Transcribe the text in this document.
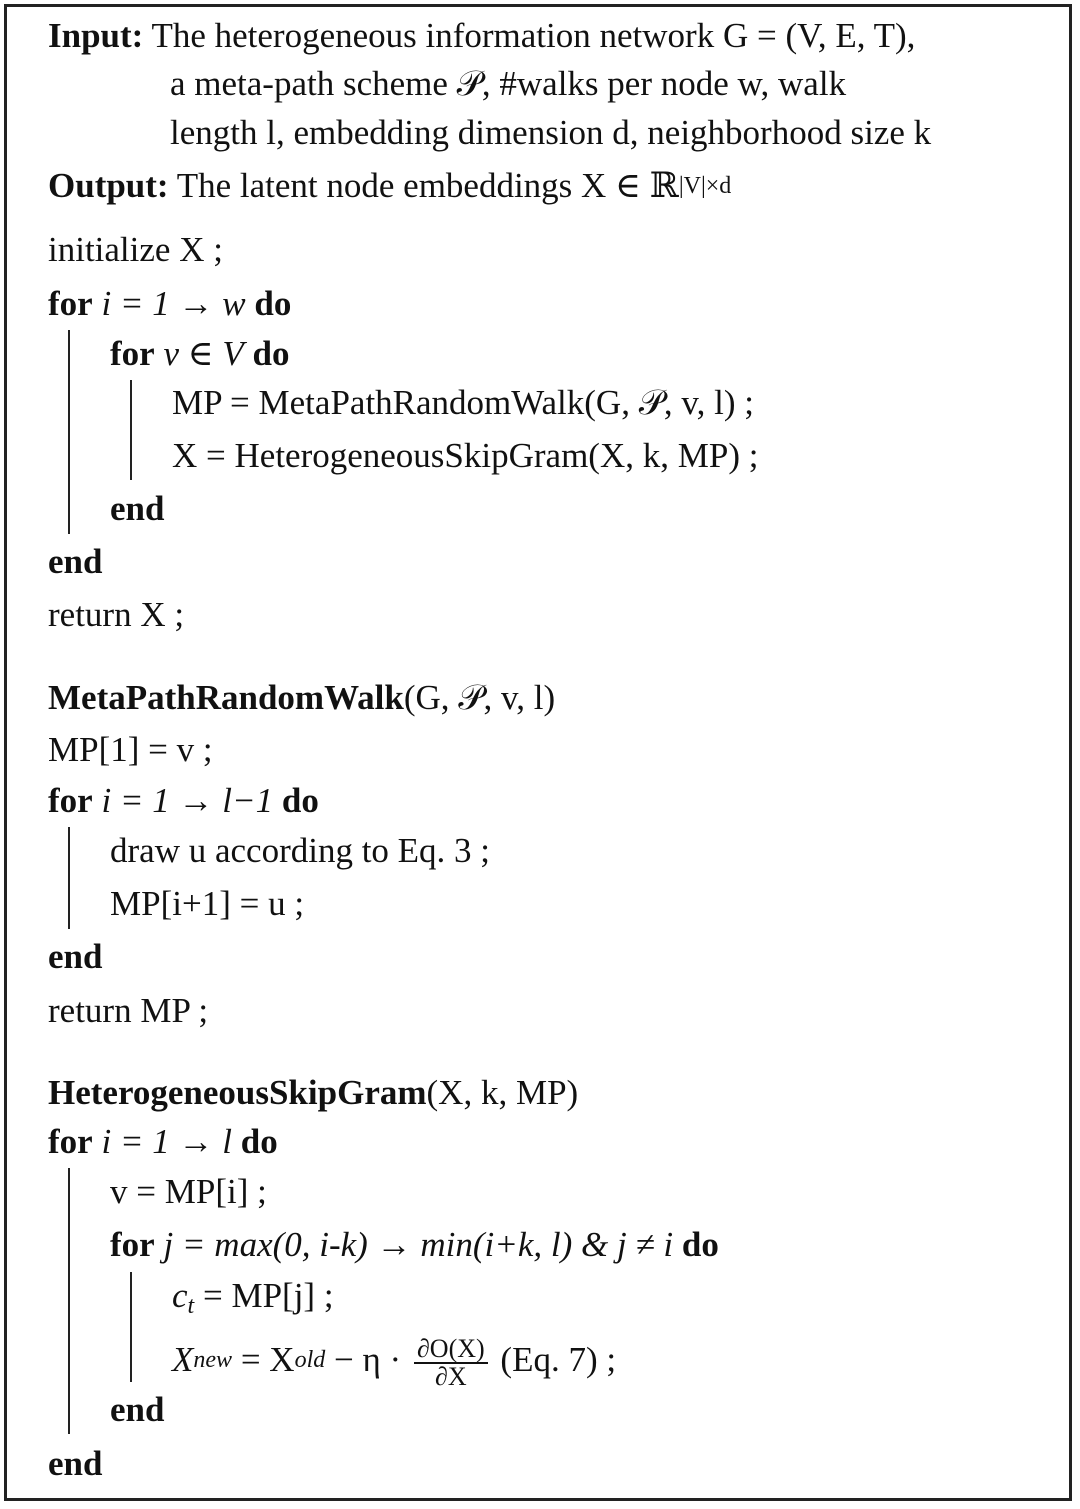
Input: The heterogeneous information network G = (V, E, T),
a meta-path scheme 𝒫, #walks per node w, walk
length l, embedding dimension d, neighborhood size k
Output: The latent node embeddings X ∈ ℝ$^{|V|\times d}$
initialize X ;
for i = 1 → w do
for v ∈ V do
MP = MetaPathRandomWalk(G, 𝒫, v, l) ;
X = HeterogeneousSkipGram(X, k, MP) ;
end
end
return X ;
MetaPathRandomWalk(G, 𝒫, v, l)
MP[1] = v ;
for i = 1 → l−1 do
draw u according to Eq. 3 ;
MP[i+1] = u ;
end
return MP ;
HeterogeneousSkipGram(X, k, MP)
for i = 1 → l do
v = MP[i] ;
for j = max(0, i-k) → min(i+k, l) & j ≠ i do
$c_t = MP[j]$ ;
$X^{new} = X^{old} - \eta \cdot \frac{\partial O(X)}{\partial X} (Eq$. 7) ;
end
end
